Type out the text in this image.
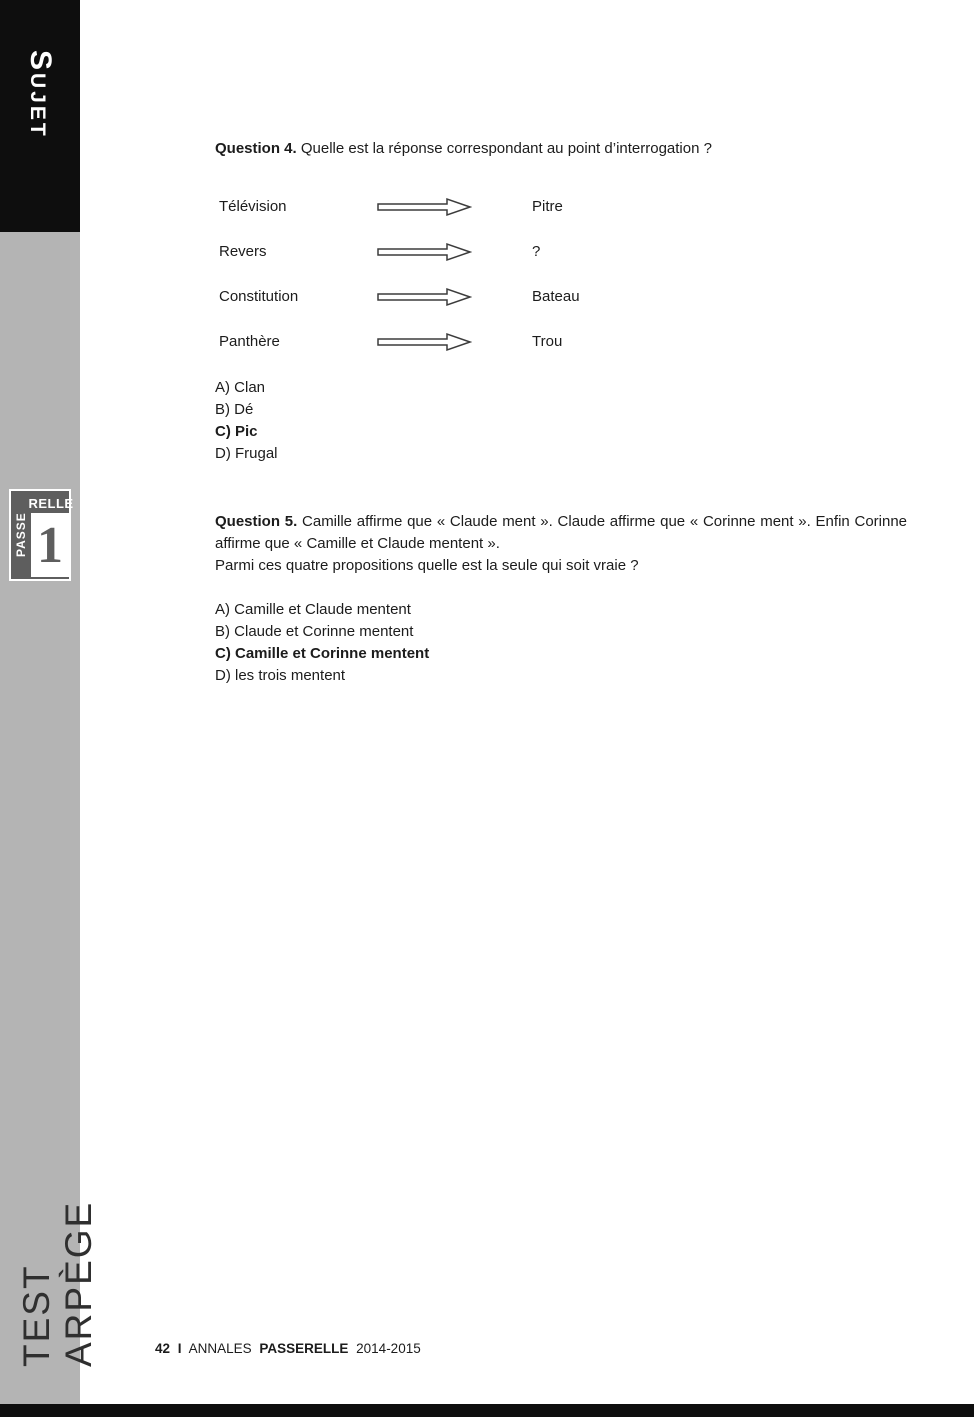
Sujet
PASSE
RELLE
1
TEST ARPÈGE

Question 4. Quelle est la réponse correspondant au point d’interrogation ?

Télévision	Pitre
Revers	?
Constitution	Bateau
Panthère	Trou
A) Clan
B) Dé
C) Pic
D) Frugal

Question 5. Camille affirme que « Claude ment ». Claude affirme que « Corinne ment ». Enfin Corinne affirme que « Camille et Claude mentent ».

Parmi ces quatre propositions quelle est la seule qui soit vraie ?

A) Camille et Claude mentent
B) Claude et Corinne mentent
C) Camille et Corinne mentent
D) les trois mentent
42 I ANNALES PASSERELLE 2014-2015
